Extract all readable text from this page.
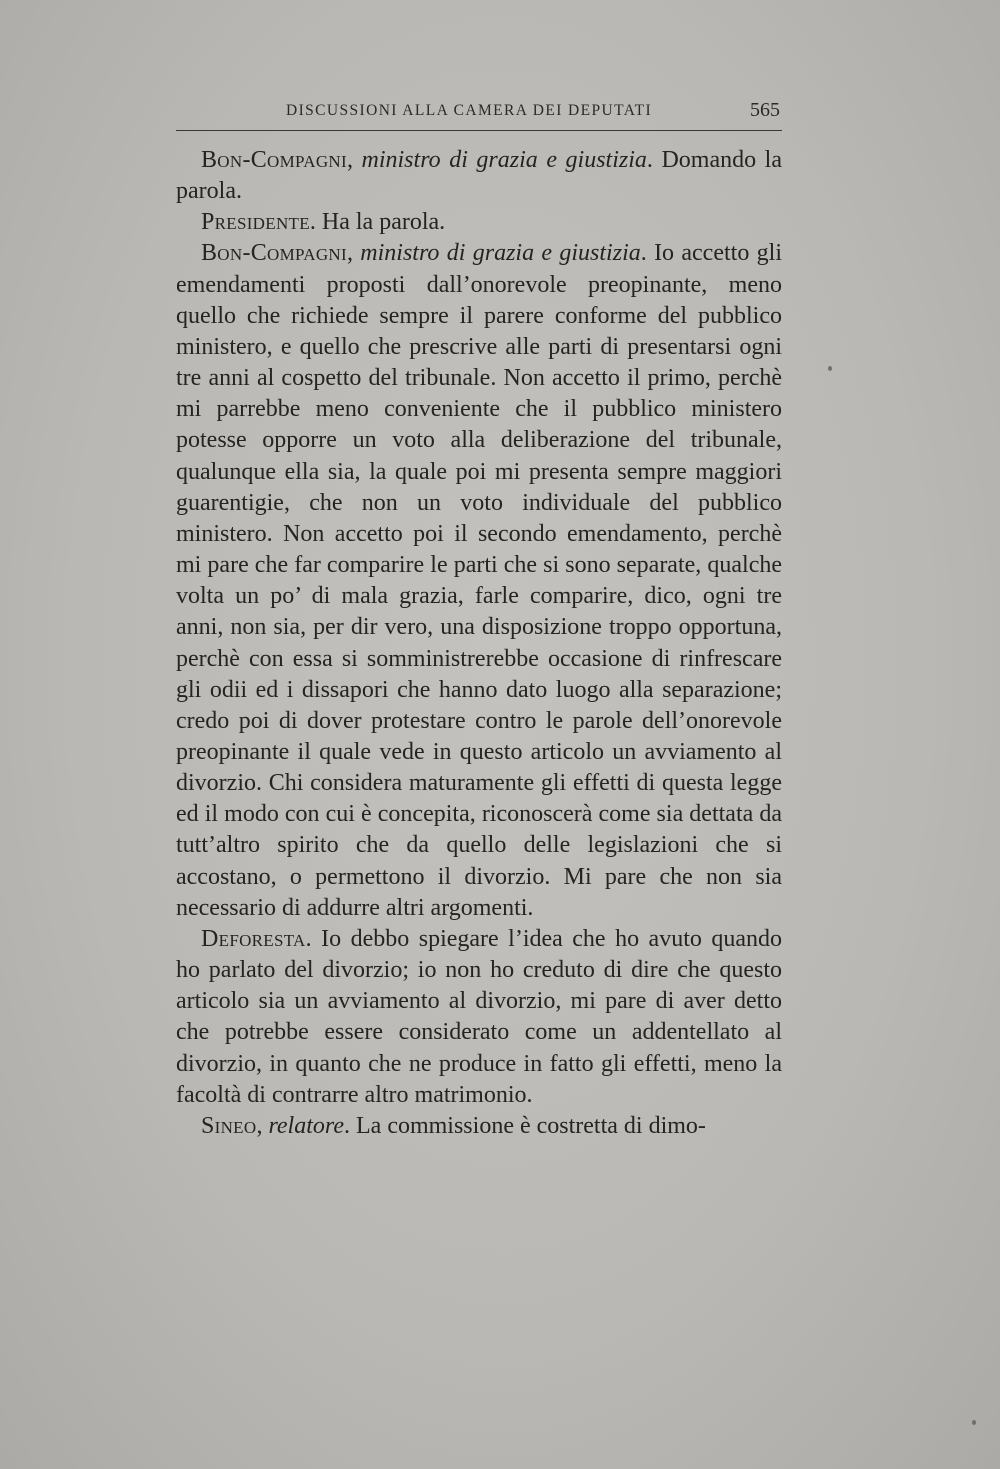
DISCUSSIONI ALLA CAMERA DEI DEPUTATI	565

Bon-Compagni, ministro di grazia e giustizia. Domando la parola.

Presidente. Ha la parola.

Bon-Compagni, ministro di grazia e giustizia. Io accetto gli emendamenti proposti dall’onorevole preopinante, meno quello che richiede sempre il parere conforme del pubblico ministero, e quello che prescrive alle parti di presentarsi ogni tre anni al cospetto del tribunale. Non accetto il primo, perchè mi parrebbe meno conveniente che il pubblico ministero potesse opporre un voto alla deliberazione del tribunale, qualunque ella sia, la quale poi mi presenta sempre maggiori guarentigie, che non un voto individuale del pubblico ministero. Non accetto poi il secondo emendamento, perchè mi pare che far comparire le parti che si sono separate, qualche volta un po’ di mala grazia, farle comparire, dico, ogni tre anni, non sia, per dir vero, una disposizione troppo opportuna, perchè con essa si somministrerebbe occasione di rinfrescare gli odii ed i dissapori che hanno dato luogo alla separazione; credo poi di dover protestare contro le parole dell’onorevole preopinante il quale vede in questo articolo un avviamento al divorzio. Chi considera maturamente gli effetti di questa legge ed il modo con cui è concepita, riconoscerà come sia dettata da tutt’altro spirito che da quello delle legislazioni che si accostano, o permettono il divorzio. Mi pare che non sia necessario di addurre altri argomenti.

Deforesta. Io debbo spiegare l’idea che ho avuto quando ho parlato del divorzio; io non ho creduto di dire che questo articolo sia un avviamento al divorzio, mi pare di aver detto che potrebbe essere considerato come un addentellato al divorzio, in quanto che ne produce in fatto gli effetti, meno la facoltà di contrarre altro matrimonio.

Sineo, relatore. La commissione è costretta di dimo-
